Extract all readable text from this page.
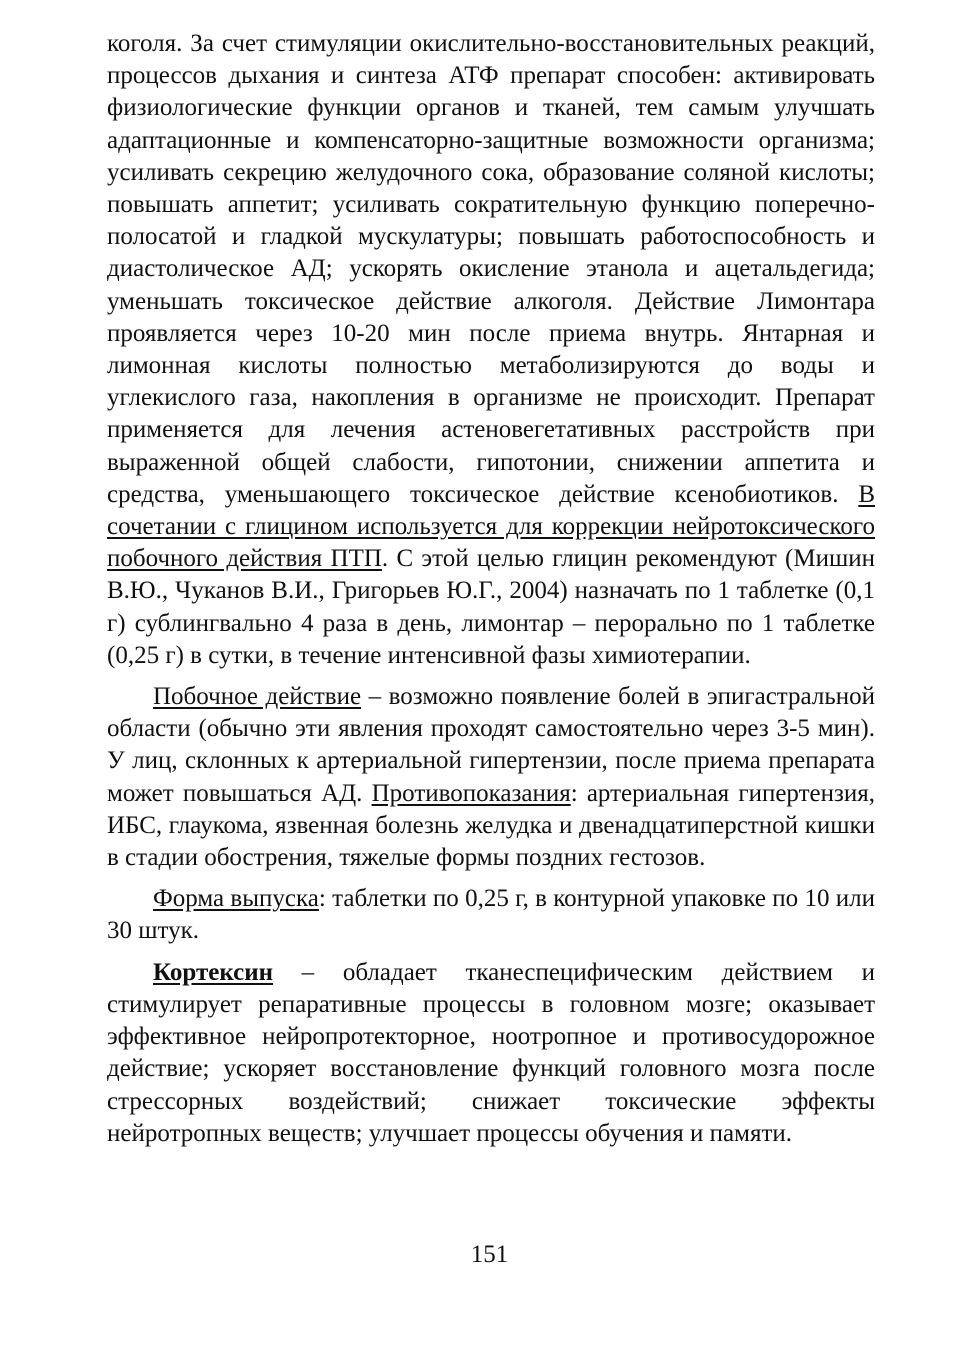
коголя. За счет стимуляции окислительно-восстановительных реакций, процессов дыхания и синтеза АТФ препарат способен: активировать физиологические функции органов и тканей, тем самым улучшать адаптационные и компенсаторно-защитные возможности организма; усиливать секрецию желудочного сока, образование соляной кислоты; повышать аппетит; усиливать сократительную функцию поперечно-полосатой и гладкой мускулатуры; повышать работоспособность и диастолическое АД; ускорять окисление этанола и ацетальдегида; уменьшать токсическое действие алкоголя. Действие Лимонтара проявляется через 10-20 мин после приема внутрь. Янтарная и лимонная кислоты полностью метаболизируются до воды и углекислого газа, накопления в организме не происходит. Препарат применяется для лечения астеновегетативных расстройств при выраженной общей слабости, гипотонии, снижении аппетита и средства, уменьшающего токсическое действие ксенобиотиков. В сочетании с глицином используется для коррекции нейротоксического побочного действия ПТП. С этой целью глицин рекомендуют (Мишин В.Ю., Чуканов В.И., Григорьев Ю.Г., 2004) назначать по 1 таблетке (0,1 г) сублингвально 4 раза в день, лимонтар – перорально по 1 таблетке (0,25 г) в сутки, в течение интенсивной фазы химиотерапии.

Побочное действие – возможно появление болей в эпигастральной области (обычно эти явления проходят самостоятельно через 3-5 мин). У лиц, склонных к артериальной гипертензии, после приема препарата может повышаться АД. Противопоказания: артериальная гипертензия, ИБС, глаукома, язвенная болезнь желудка и двенадцатиперстной кишки в стадии обострения, тяжелые формы поздних гестозов.

Форма выпуска: таблетки по 0,25 г, в контурной упаковке по 10 или 30 штук.

Кортексин – обладает тканеспецифическим действием и стимулирует репаративные процессы в головном мозге; оказывает эффективное нейропротекторное, ноотропное и противосудорожное действие; ускоряет восстановление функций головного мозга после стрессорных воздействий; снижает токсические эффекты нейротропных веществ; улучшает процессы обучения и памяти.

151
